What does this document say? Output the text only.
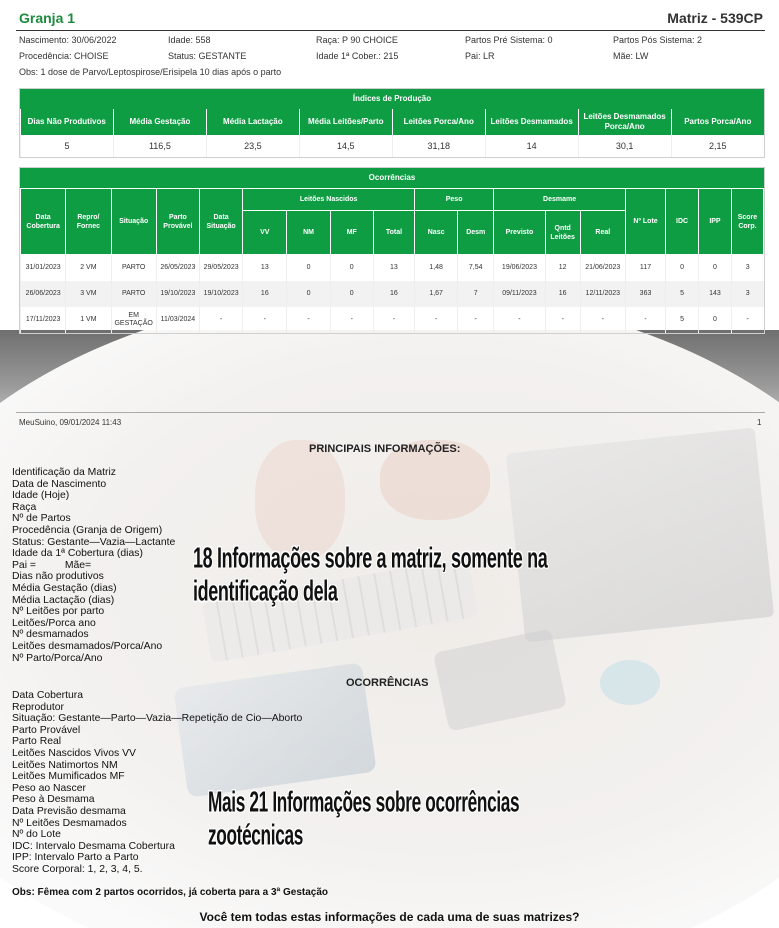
Granja 1	Matriz - 539CP
Nascimento: 30/06/2022	Idade: 558	Raça: P 90 CHOICE	Partos Pré Sistema: 0	Partos Pós Sistema: 2
Procedência: CHOISE	Status: GESTANTE	Idade 1ª Cober.: 215	Pai: LR	Mãe: LW
Obs: 1 dose de Parvo/Leptospirose/Erisipela 10 dias após o parto
Índices de Produção
Dias Não Produtivos	Média Gestação	Média Lactação	Média Leitões/Parto	Leitões Porca/Ano	Leitões Desmamados	Leitões Desmamados Porca/Ano	Partos Porca/Ano
5	116,5	23,5	14,5	31,18	14	30,1	2,15
Ocorrências
Data Cobertura	Repro/ Fornec	Situação	Parto Provável	Data Situação	Leitões Nascidos				Peso		Desmame			Nº Lote	IDC	IPP	Score Corp.
					VV	NM	MF	Total	Nasc	Desm	Previsto	Qntd Leitões	Real				
31/01/2023	2 VM	PARTO	26/05/2023	29/05/2023	13	0	0	13	1,48	7,54	19/06/2023	12	21/06/2023	117	0	0	3
26/06/2023	3 VM	PARTO	19/10/2023	19/10/2023	16	0	0	16	1,67	7	09/11/2023	16	12/11/2023	363	5	143	3
17/11/2023	1 VM	EM GESTAÇÃO	11/03/2024	-	-	-	-	-	-	-	-	-	-	-	5	0	-
MeuSuino, 09/01/2024 11:43	1
PRINCIPAIS INFORMAÇÕES:
Identificação da Matriz
Data de Nascimento
Idade (Hoje)
Raça
Nº de Partos
Procedência (Granja de Origem)
Status: Gestante—Vazia—Lactante
Idade da 1ª Cobertura (dias)
Pai =          Mãe=
Dias não produtivos
Média Gestação (dias)
Média Lactação (dias)
Nº Leitões por parto
Leitões/Porca ano
Nº desmamados
Leitões desmamados/Porca/Ano
Nº Parto/Porca/Ano
18 Informações sobre a matriz, somente na identificação dela
OCORRÊNCIAS
Data Cobertura
Reprodutor
Situação: Gestante—Parto—Vazia—Repetição de Cio—Aborto
Parto Provável
Parto Real
Leitões Nascidos Vivos VV
Leitões Natimortos NM
Leitões Mumificados MF
Peso ao Nascer
Peso à Desmama
Data Previsão desmama
Nº Leitões Desmamados
Nº do Lote
IDC: Intervalo Desmama Cobertura
IPP: Intervalo Parto a Parto
Score Corporal: 1, 2, 3, 4, 5.
Mais 21 Informações sobre ocorrências zootécnicas
Obs: Fêmea com 2 partos ocorridos, já coberta para a 3ª Gestação
Você tem todas estas informações de cada uma de suas matrizes?
